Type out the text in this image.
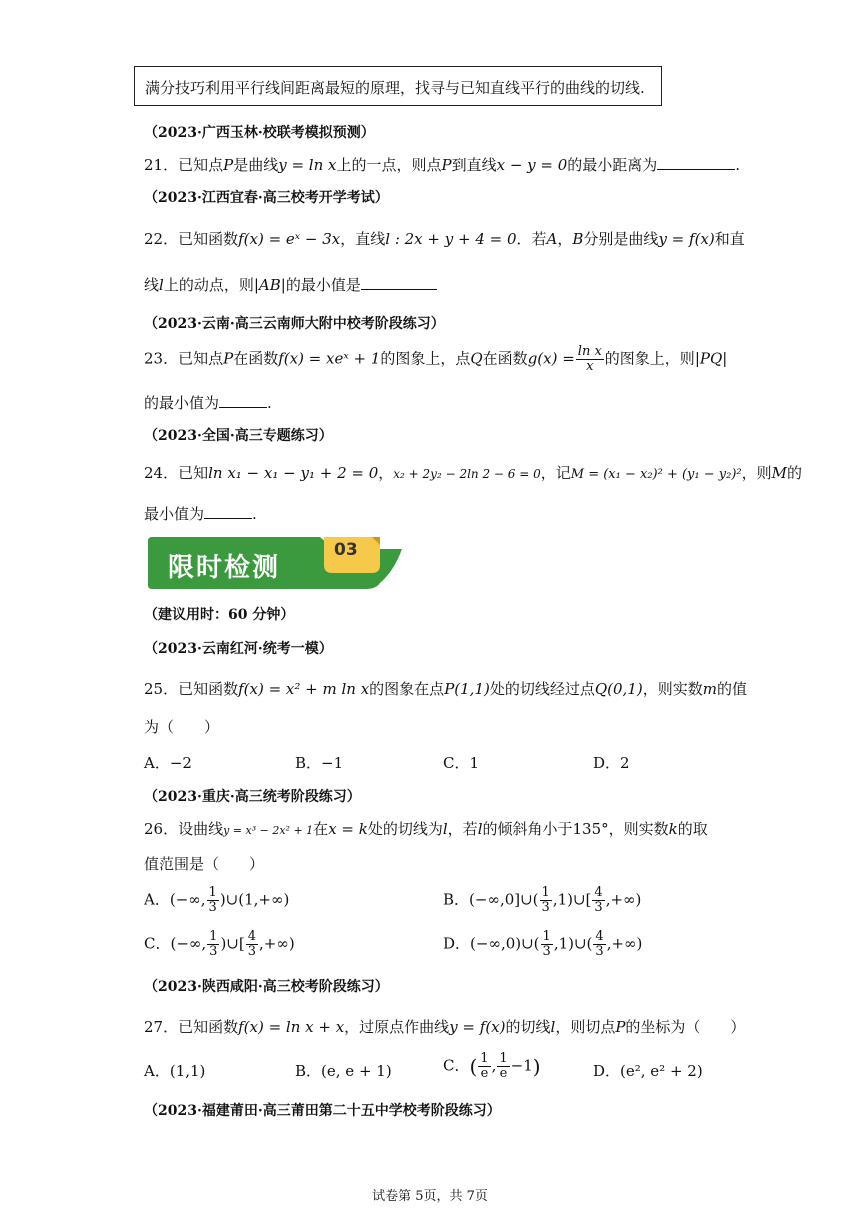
满分技巧利用平行线间距离最短的原理，找寻与已知直线平行的曲线的切线.
（2023·广西玉林·校联考模拟预测）
21．已知点P是曲线y = ln x上的一点，则点P到直线x − y = 0的最小距离为	.
（2023·江西宜春·高三校考开学考试）
22．已知函数f(x) = eˣ − 3x，直线l : 2x + y + 4 = 0．若A，B分别是曲线y = f(x)和直
线l上的动点，则|AB|的最小值是
（2023·云南·高三云南师大附中校考阶段练习）
23．已知点P在函数f(x) = xeˣ + 1的图象上，点Q在函数$g(x) = \frac{\text{ln x}}{x}$ 的图象上，则|PQ|
的最小值为	.
（2023·全国·高三专题练习）
24．已知ln x₁ − x₁ − y₁ + 2 = 0，x₂ + 2y₂ − 2ln 2 − 6 = 0，记M = (x₁ − x₂)² + (y₁ − y₂)²，则M的
最小值为	.
限时检测
03
（建议用时：60 分钟）
（2023·云南红河·统考一模）
25．已知函数f(x) = x² + m ln x的图象在点P(1,1)处的切线经过点Q(0,1)，则实数m的值
为（　　）
A．−2	B．−1	C．1	D．2
（2023·重庆·高三统考阶段练习）
26．设曲线y = x³ − 2x² + 1在x = k处的切线为l，若l的倾斜角小于135°，则实数k的取
值范围是（　　）
A．(−∞, $\frac{1}{3}$ )∪(1,+∞)	B．(−∞,0]∪( $\frac{1}{3}$ ,1)∪[ $\frac{4}{3}$ ,+∞)
C．(−∞, $\frac{1}{3}$ )∪[ $\frac{4}{3}$ ,+∞)	D．(−∞,0)∪( $\frac{1}{3}$ ,1)∪( $\frac{4}{3}$ ,+∞)
（2023·陕西咸阳·高三校考阶段练习）
27．已知函数f(x) = ln x + x，过原点作曲线y = f(x)的切线l，则切点P的坐标为（　　）
A．(1,1)	B．(e, e + 1)	C．( $\frac{1}{e}$ , $\frac{1}{e} -1$)	D．(e², e² + 2)
（2023·福建莆田·高三莆田第二十五中学校考阶段练习）
试卷第 5页，共 7页
